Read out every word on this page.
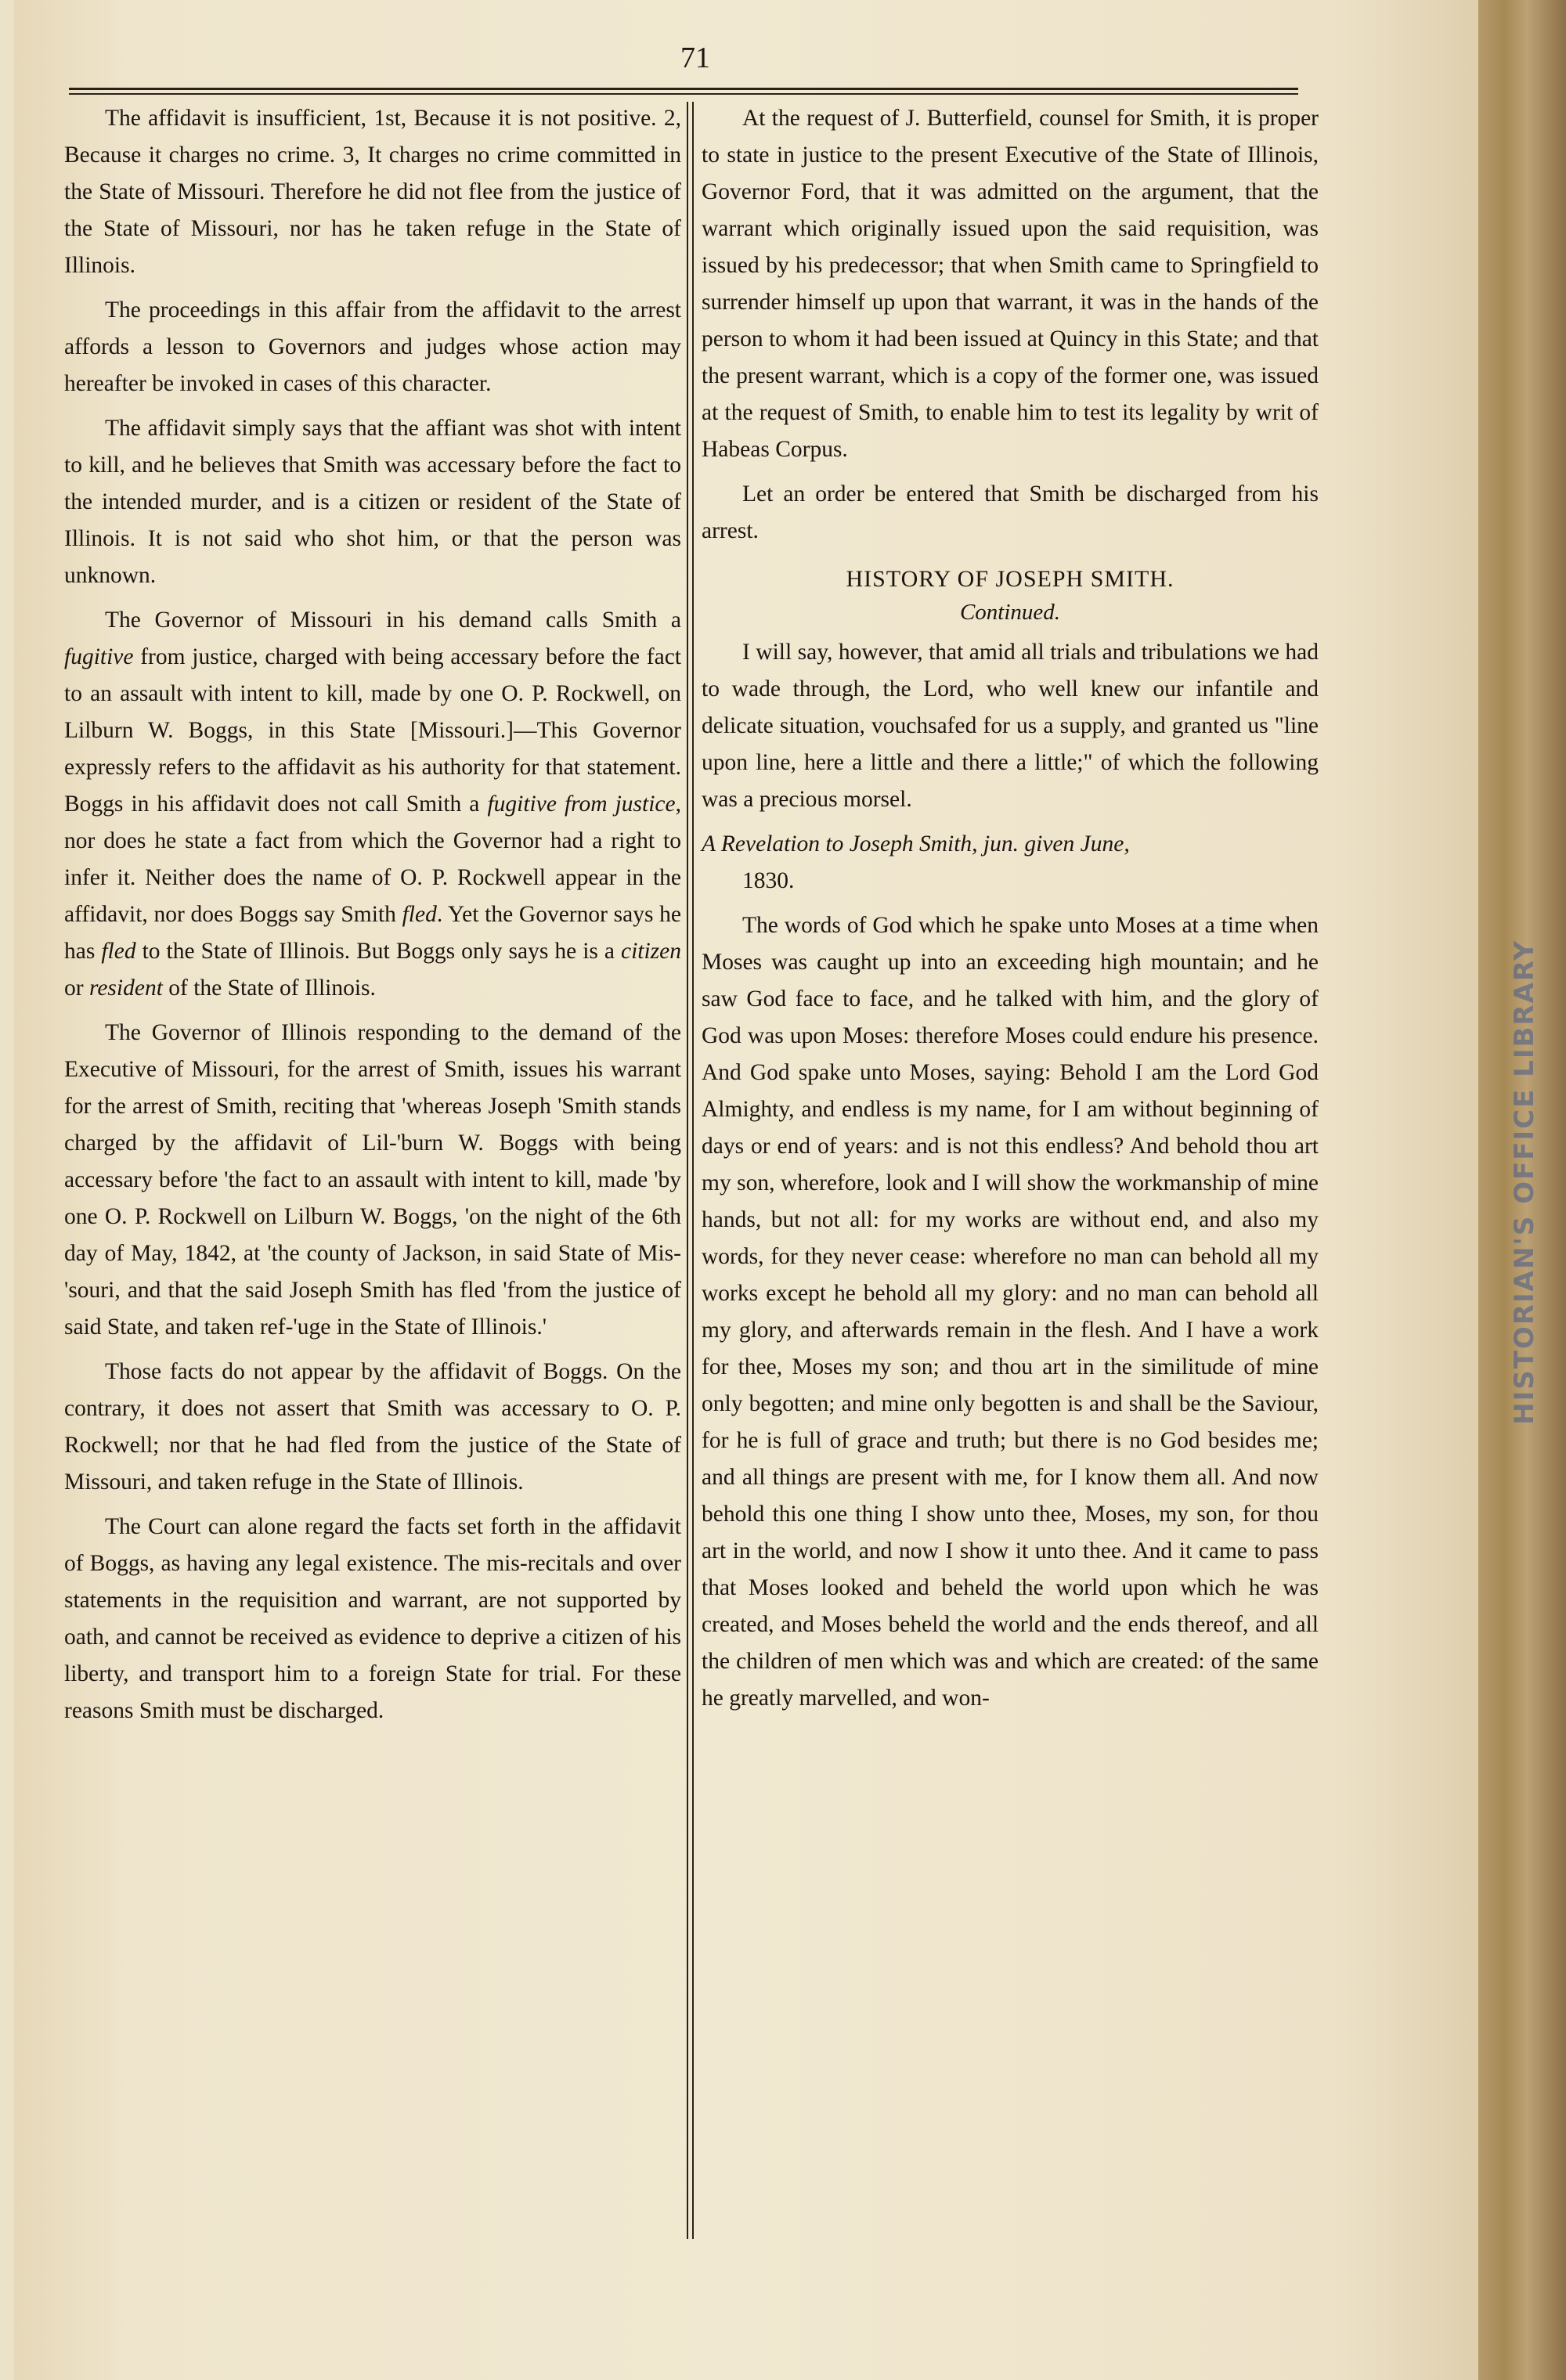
71

The affidavit is insufficient, 1st, Because it is not positive. 2, Because it charges no crime. 3, It charges no crime committed in the State of Missouri. Therefore he did not flee from the justice of the State of Missouri, nor has he taken refuge in the State of Illinois.

The proceedings in this affair from the affidavit to the arrest affords a lesson to Governors and judges whose action may hereafter be invoked in cases of this character.

The affidavit simply says that the affiant was shot with intent to kill, and he believes that Smith was accessary before the fact to the intended murder, and is a citizen or resident of the State of Illinois. It is not said who shot him, or that the person was unknown.

The Governor of Missouri in his demand calls Smith a fugitive from justice, charged with being accessary before the fact to an assault with intent to kill, made by one O. P. Rockwell, on Lilburn W. Boggs, in this State [Missouri.]—This Governor expressly refers to the affidavit as his authority for that statement. Boggs in his affidavit does not call Smith a fugitive from justice, nor does he state a fact from which the Governor had a right to infer it. Neither does the name of O. P. Rockwell appear in the affidavit, nor does Boggs say Smith fled. Yet the Governor says he has fled to the State of Illinois. But Boggs only says he is a citizen or resident of the State of Illinois.

The Governor of Illinois responding to the demand of the Executive of Missouri, for the arrest of Smith, issues his warrant for the arrest of Smith, reciting that 'whereas Joseph 'Smith stands charged by the affidavit of Lil-'burn W. Boggs with being accessary before 'the fact to an assault with intent to kill, made 'by one O. P. Rockwell on Lilburn W. Boggs, 'on the night of the 6th day of May, 1842, at 'the county of Jackson, in said State of Mis-'souri, and that the said Joseph Smith has fled 'from the justice of said State, and taken ref-'uge in the State of Illinois.'

Those facts do not appear by the affidavit of Boggs. On the contrary, it does not assert that Smith was accessary to O. P. Rockwell; nor that he had fled from the justice of the State of Missouri, and taken refuge in the State of Illinois.

The Court can alone regard the facts set forth in the affidavit of Boggs, as having any legal existence. The mis-recitals and over statements in the requisition and warrant, are not supported by oath, and cannot be received as evidence to deprive a citizen of his liberty, and transport him to a foreign State for trial. For these reasons Smith must be discharged.

At the request of J. Butterfield, counsel for Smith, it is proper to state in justice to the present Executive of the State of Illinois, Governor Ford, that it was admitted on the argument, that the warrant which originally issued upon the said requisition, was issued by his predecessor; that when Smith came to Springfield to surrender himself up upon that warrant, it was in the hands of the person to whom it had been issued at Quincy in this State; and that the present warrant, which is a copy of the former one, was issued at the request of Smith, to enable him to test its legality by writ of Habeas Corpus.

Let an order be entered that Smith be discharged from his arrest.

HISTORY OF JOSEPH SMITH.
Continued.

I will say, however, that amid all trials and tribulations we had to wade through, the Lord, who well knew our infantile and delicate situation, vouchsafed for us a supply, and granted us "line upon line, here a little and there a little;" of which the following was a precious morsel.

A Revelation to Joseph Smith, jun. given June,
1830.

The words of God which he spake unto Moses at a time when Moses was caught up into an exceeding high mountain; and he saw God face to face, and he talked with him, and the glory of God was upon Moses: therefore Moses could endure his presence. And God spake unto Moses, saying: Behold I am the Lord God Almighty, and endless is my name, for I am without beginning of days or end of years: and is not this endless? And behold thou art my son, wherefore, look and I will show the workmanship of mine hands, but not all: for my works are without end, and also my words, for they never cease: wherefore no man can behold all my works except he behold all my glory: and no man can behold all my glory, and afterwards remain in the flesh. And I have a work for thee, Moses my son; and thou art in the similitude of mine only begotten; and mine only begotten is and shall be the Saviour, for he is full of grace and truth; but there is no God besides me; and all things are present with me, for I know them all. And now behold this one thing I show unto thee, Moses, my son, for thou art in the world, and now I show it unto thee. And it came to pass that Moses looked and beheld the world upon which he was created, and Moses beheld the world and the ends thereof, and all the children of men which was and which are created: of the same he greatly marvelled, and won-

HISTORIAN'S OFFICE LIBRARY
